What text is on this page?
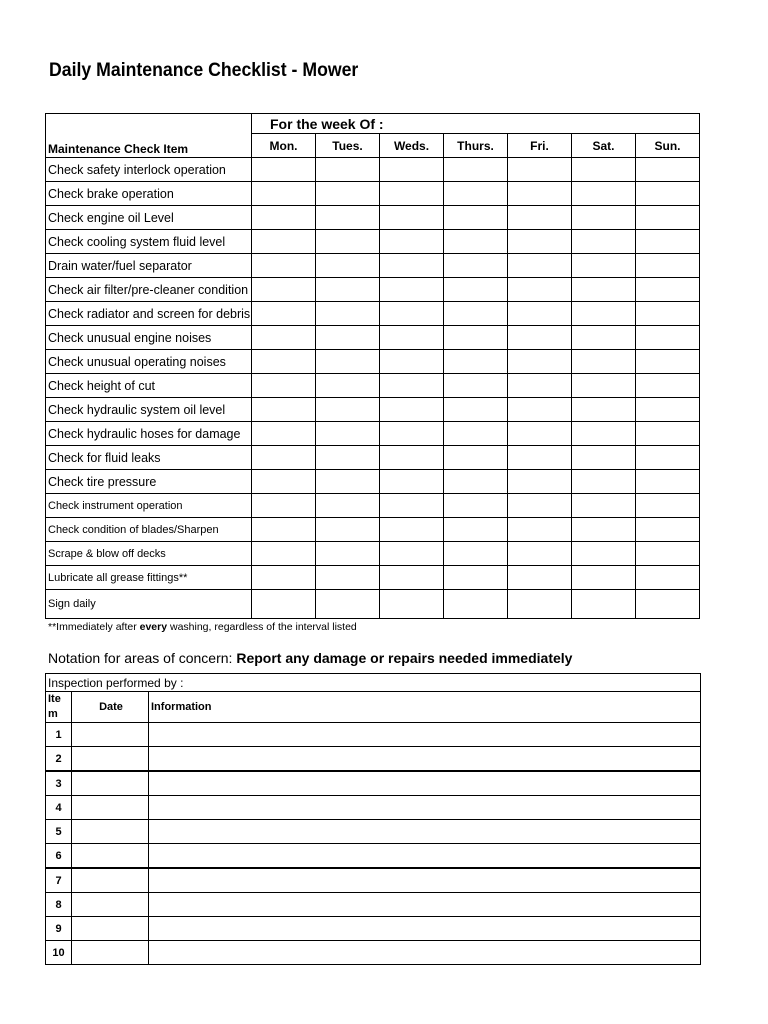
Daily Maintenance Checklist - Mower
Maintenance Check Item	For the week Of :						
	Mon.	Tues.	Weds.	Thurs.	Fri.	Sat.	Sun.
Check safety interlock operation							
Check brake operation							
Check engine oil Level							
Check cooling system fluid level							
Drain water/fuel separator							
Check air filter/pre-cleaner condition							
Check radiator and screen for debris							
Check unusual engine noises							
Check unusual operating noises							
Check height of cut							
Check hydraulic system oil level							
Check hydraulic hoses for damage							
Check for fluid leaks							
Check tire pressure							
Check instrument operation							
Check condition of blades/Sharpen							
Scrape & blow off decks							
Lubricate all grease fittings**							
Sign daily							
**Immediately after every washing, regardless of the interval listed
Notation for areas of concern: Report any damage or repairs needed immediately
Inspection performed by :		
Ite m	Date	Information
1		
2		
3		
4		
5		
6		
7		
8		
9		
10		
